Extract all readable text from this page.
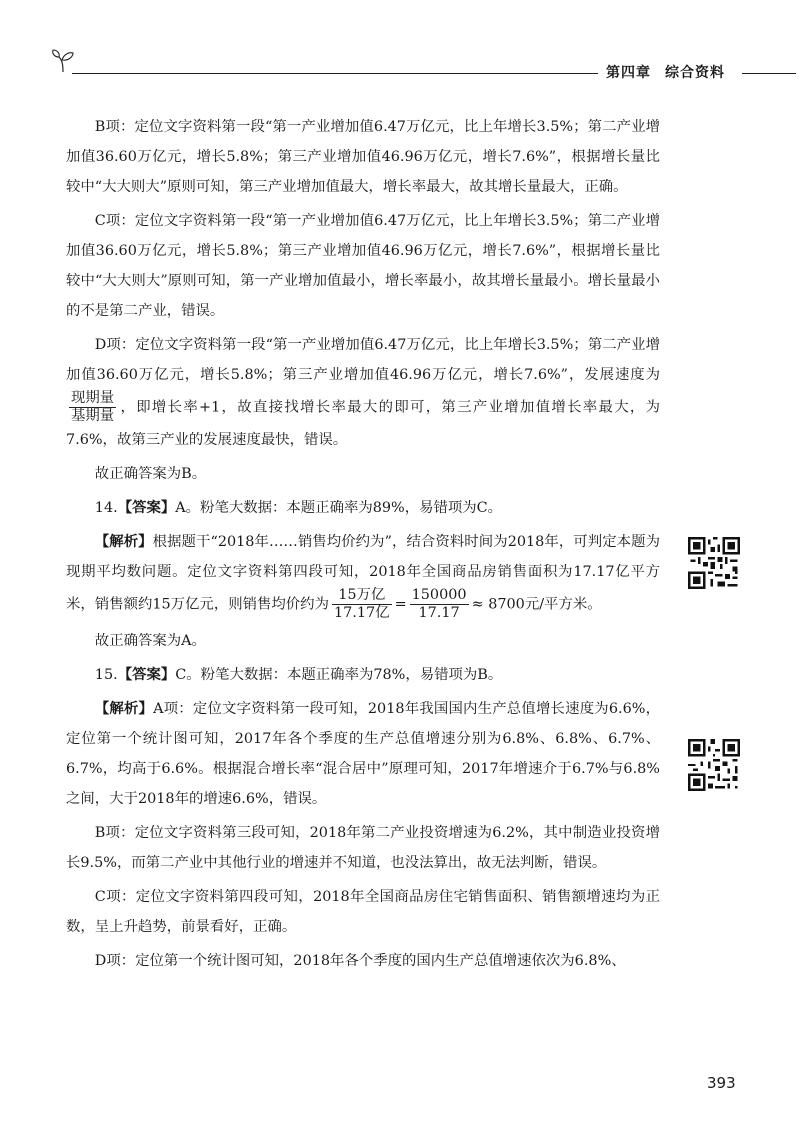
第四章 综合资料

B项：定位文字资料第一段“第一产业增加值6.47万亿元，比上年增长3.5%；第二产业增加值36.60万亿元，增长5.8%；第三产业增加值46.96万亿元，增长7.6%”，根据增长量比较中“大大则大”原则可知，第三产业增加值最大，增长率最大，故其增长量最大，正确。

C项：定位文字资料第一段“第一产业增加值6.47万亿元，比上年增长3.5%；第二产业增加值36.60万亿元，增长5.8%；第三产业增加值46.96万亿元，增长7.6%”，根据增长量比较中“大大则大”原则可知，第一产业增加值最小，增长率最小，故其增长量最小。增长量最小的不是第二产业，错误。

D项：定位文字资料第一段“第一产业增加值6.47万亿元，比上年增长3.5%；第二产业增加值36.60万亿元，增长5.8%；第三产业增加值46.96万亿元，增长7.6%”，发展速度为
$\frac{\text{现期量}}{\text{基期量}}$ ，即增长率+1，故直接找增长率最大的即可，第三产业增加值增长率最大，为7.6%，故第三产业的发展速度最快，错误。

故正确答案为B。

14.【答案】A。粉笔大数据：本题正确率为89%，易错项为C。

【解析】根据题干“2018年……销售均价约为”，结合资料时间为2018年，可判定本题为现期平均数问题。定位文字资料第四段可知，2018年全国商品房销售面积为17.17亿平方米，销售额约15万亿元，则销售均价约为 $\frac{\text{15万亿}}{\text{17.17亿}} = \frac{150000}{17.17} \approx 8700$元/平方米。

故正确答案为A。

15.【答案】C。粉笔大数据：本题正确率为78%，易错项为B。

【解析】A项：定位文字资料第一段可知，2018年我国国内生产总值增长速度为6.6%，定位第一个统计图可知，2017年各个季度的生产总值增速分别为6.8%、6.8%、6.7%、6.7%，均高于6.6%。根据混合增长率“混合居中”原理可知，2017年增速介于6.7%与6.8%之间，大于2018年的增速6.6%，错误。

B项：定位文字资料第三段可知，2018年第二产业投资增速为6.2%，其中制造业投资增长9.5%，而第二产业中其他行业的增速并不知道，也没法算出，故无法判断，错误。

C项：定位文字资料第四段可知，2018年全国商品房住宅销售面积、销售额增速均为正数，呈上升趋势，前景看好，正确。

D项：定位第一个统计图可知，2018年各个季度的国内生产总值增速依次为6.8%、

393
